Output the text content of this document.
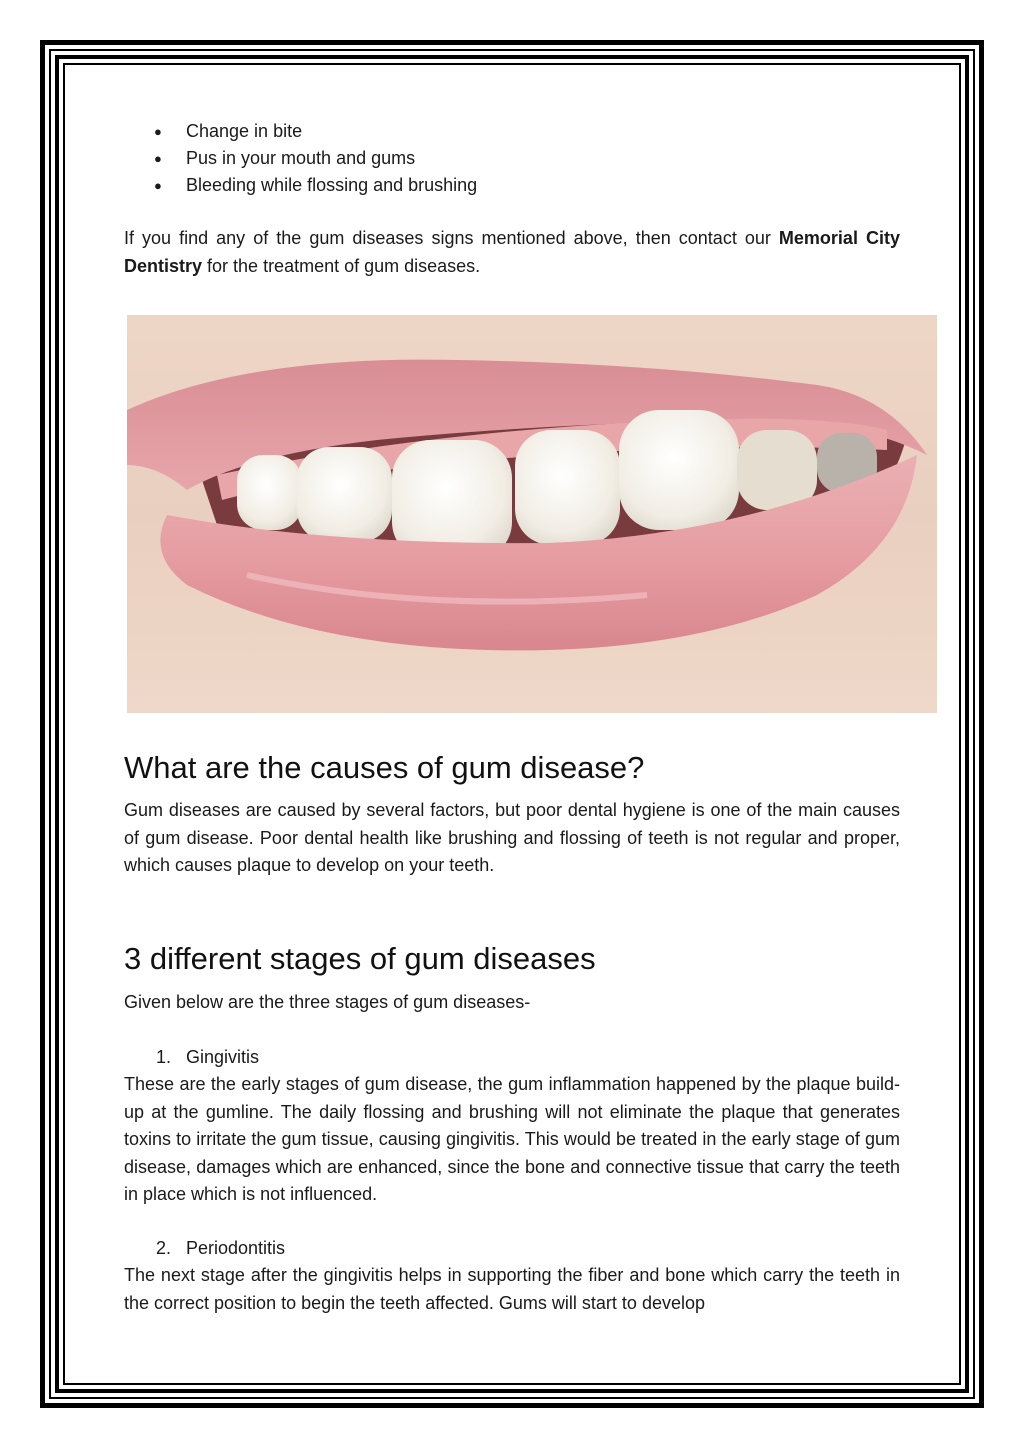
● Change in bite
● Pus in your mouth and gums
● Bleeding while flossing and brushing

If you find any of the gum diseases signs mentioned above, then contact our Memorial City Dentistry for the treatment of gum diseases.

What are the causes of gum disease?

Gum diseases are caused by several factors, but poor dental hygiene is one of the main causes of gum disease. Poor dental health like brushing and flossing of teeth is not regular and proper, which causes plaque to develop on your teeth.

3 different stages of gum diseases

Given below are the three stages of gum diseases-

1. Gingivitis

These are the early stages of gum disease, the gum inflammation happened by the plaque build-up at the gumline. The daily flossing and brushing will not eliminate the plaque that generates toxins to irritate the gum tissue, causing gingivitis. This would be treated in the early stage of gum disease, damages which are enhanced, since the bone and connective tissue that carry the teeth in place which is not influenced.

2. Periodontitis

The next stage after the gingivitis helps in supporting the fiber and bone which carry the teeth in the correct position to begin the teeth affected. Gums will start to develop
